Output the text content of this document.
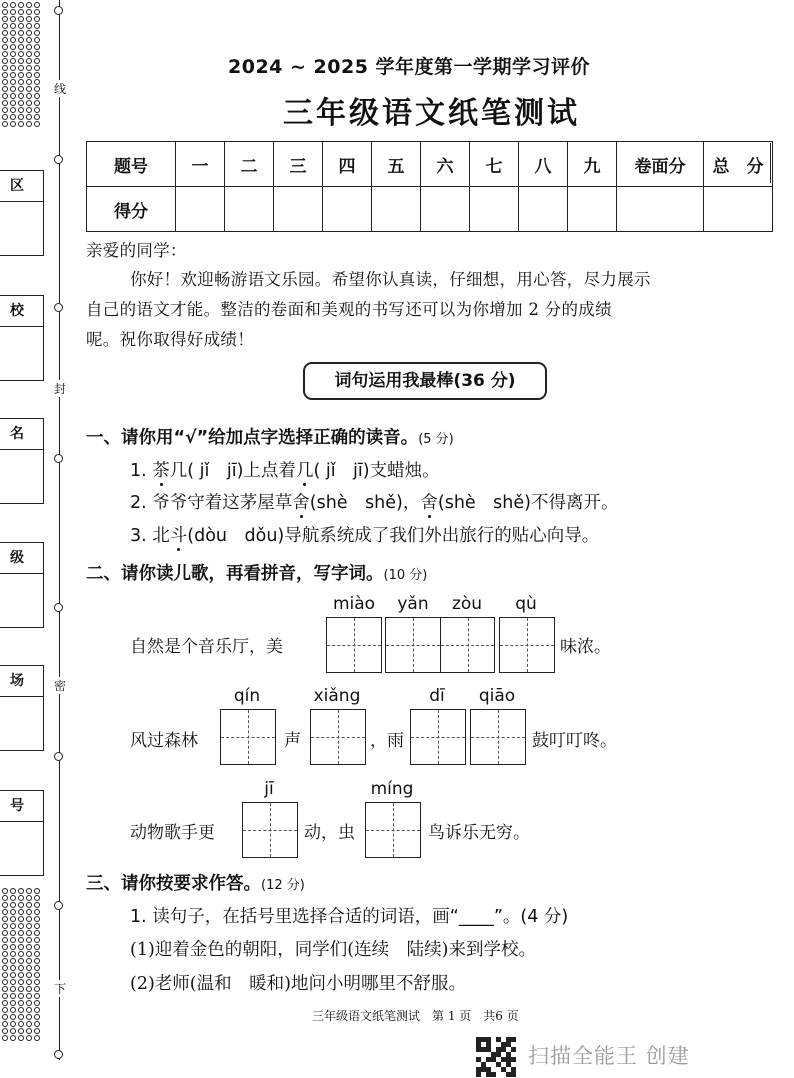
线
封
密
下
区
校
名
级
场
号
2024 ~ 2025 学年度第一学期学习评价
三年级语文纸笔测试
题号	一	二	三	四	五	六	七	八	九	卷面分	总　分
得分											
亲爱的同学：
你好！欢迎畅游语文乐园。希望你认真读，仔细想，用心答，尽力展示
自己的语文才能。整洁的卷面和美观的书写还可以为你增加 2 分的成绩
呢。祝你取得好成绩！
词句运用我最棒(36 分)
一、请你用“√”给加点字选择正确的读音。(5 分)
1. 茶几( jǐ　jī)上点着几( jǐ　jī)支蜡烛。
2. 爷爷守着这茅屋草舍(shè　shě)，舍(shè　shě)不得离开。
3. 北斗(dòu　dǒu)导航系统成了我们外出旅行的贴心向导。
二、请你读儿歌，再看拼音，写字词。(10 分)
miào	yǎn	zòu	qù
自然是个音乐厅，美	味浓。
qín	xiǎng	dī	qiāo
风过森林	声	，雨	鼓叮叮咚。
jī	míng
动物歌手更	动，虫	鸟诉乐无穷。
三、请你按要求作答。(12 分)
1. 读句子，在括号里选择合适的词语，画“____”。(4 分)
(1)迎着金色的朝阳，同学们(连续　陆续)来到学校。
(2)老师(温和　暖和)地问小明哪里不舒服。
三年级语文纸笔测试　第 1 页　共6 页
扫描全能王 创建
